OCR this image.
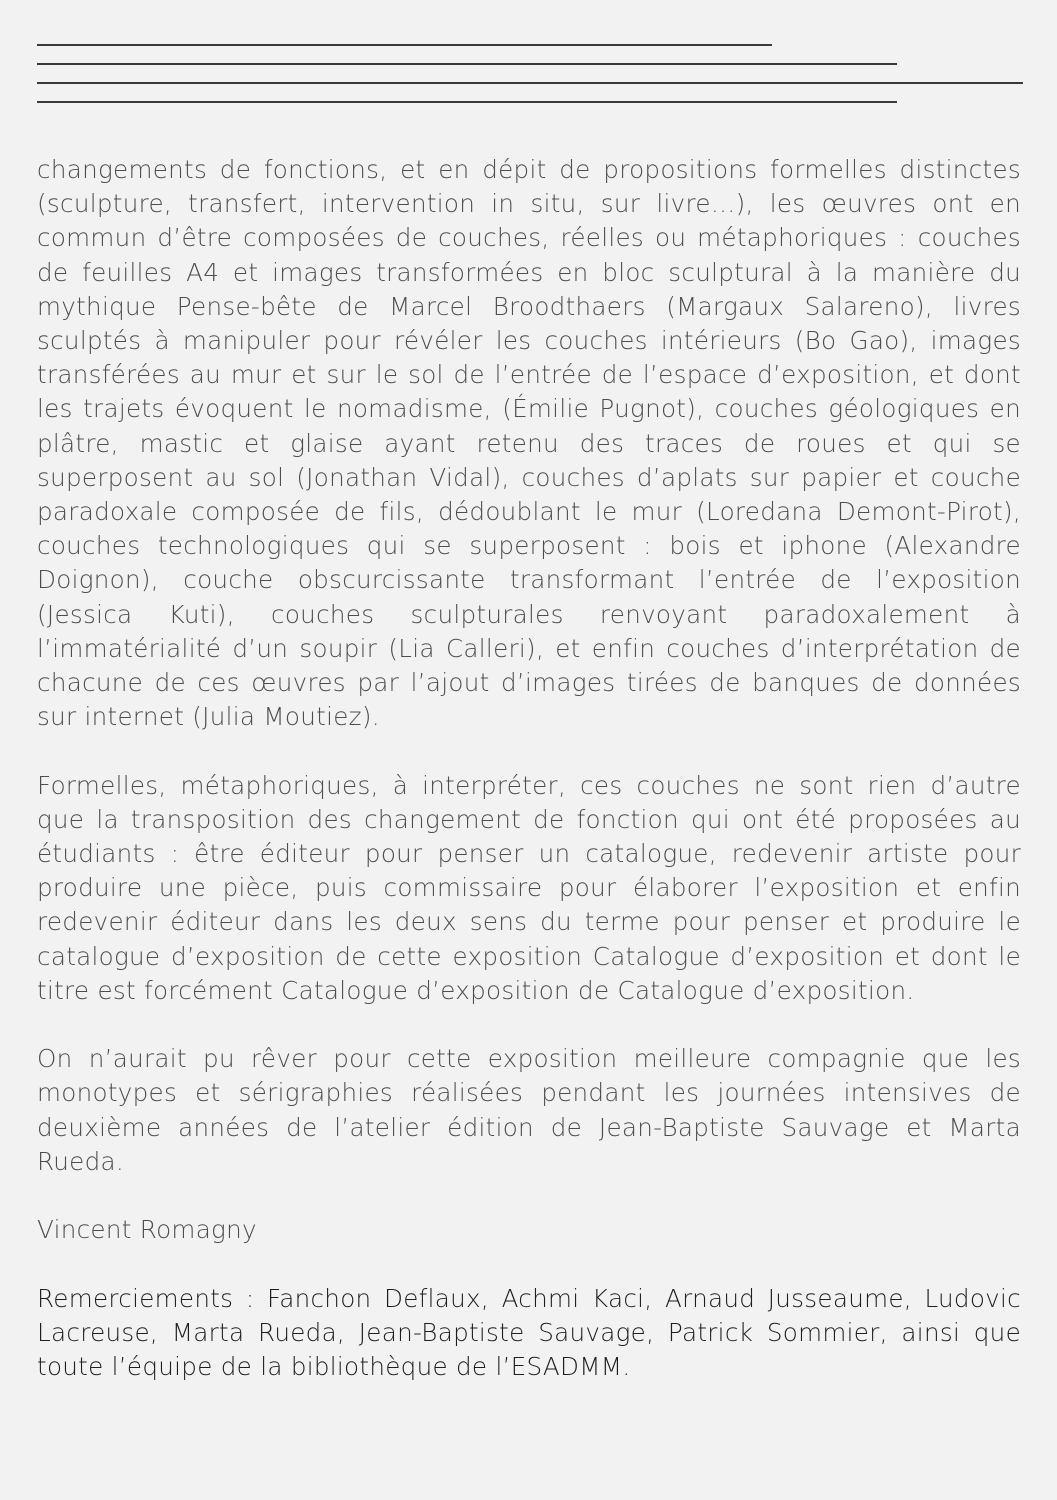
changements de fonctions, et en dépit de propositions formelles distinctes (sculpture, transfert, intervention in situ, sur livre…), les œuvres ont en commun d’être composées de couches, réelles ou métaphoriques : couches de feuilles A4 et images transformées en bloc sculptural à la manière du mythique Pense-bête de Marcel Broodthaers (Margaux Salareno), livres sculptés à manipuler pour révéler les couches intérieurs (Bo Gao), images transférées au mur et sur le sol de l’entrée de l’espace d’exposition, et dont les trajets évoquent le nomadisme, (Émilie Pugnot), couches géologiques en plâtre, mastic et glaise ayant retenu des traces de roues et qui se superposent au sol (Jonathan Vidal), couches d’aplats sur papier et couche paradoxale composée de fils, dédoublant le mur (Loredana Demont-Pirot), couches technologiques qui se superposent : bois et iphone (Alexandre Doignon), couche obscurcissante transformant l’entrée de l’exposition (Jessica Kuti), couches sculpturales renvoyant paradoxalement à l’immatérialité d’un soupir (Lia Calleri), et enfin couches d’interprétation de chacune de ces œuvres par l’ajout d’images tirées de banques de données sur internet (Julia Moutiez).

Formelles, métaphoriques, à interpréter, ces couches ne sont rien d’autre que la transposition des changement de fonction qui ont été proposées au étudiants : être éditeur pour penser un catalogue, redevenir artiste pour produire une pièce, puis commissaire pour élaborer l’exposition et enfin redevenir éditeur dans les deux sens du terme pour penser et produire le catalogue d’exposition de cette exposition Catalogue d’exposition et dont le titre est forcément Catalogue d’exposition de Catalogue d’exposition.

On n’aurait pu rêver pour cette exposition meilleure compagnie que les monotypes et sérigraphies réalisées pendant les journées intensives de deuxième années de l’atelier édition de Jean-Baptiste Sauvage et Marta Rueda.

Vincent Romagny

Remerciements : Fanchon Deflaux, Achmi Kaci, Arnaud Jusseaume, Ludovic Lacreuse, Marta Rueda, Jean-Baptiste Sauvage, Patrick Sommier, ainsi que toute l’équipe de la bibliothèque de l’ESADMM.
